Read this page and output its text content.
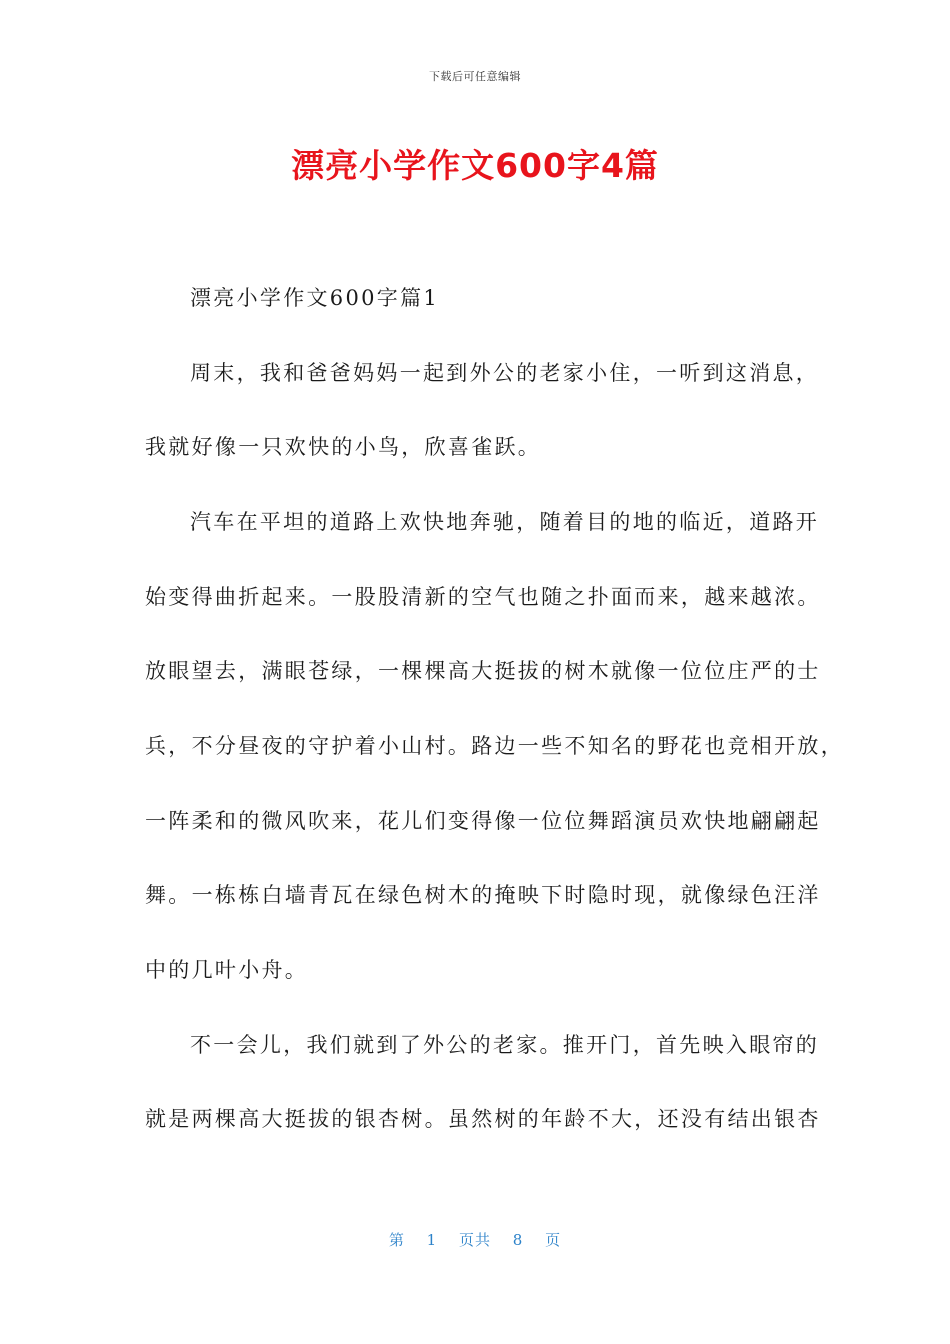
下载后可任意编辑
漂亮小学作文600字4篇
漂亮小学作文600字篇1
周末，我和爸爸妈妈一起到外公的老家小住，一听到这消息，
我就好像一只欢快的小鸟，欣喜雀跃。
汽车在平坦的道路上欢快地奔驰，随着目的地的临近，道路开
始变得曲折起来。一股股清新的空气也随之扑面而来，越来越浓。
放眼望去，满眼苍绿，一棵棵高大挺拔的树木就像一位位庄严的士
兵，不分昼夜的守护着小山村。路边一些不知名的野花也竞相开放，
一阵柔和的微风吹来，花儿们变得像一位位舞蹈演员欢快地翩翩起
舞。一栋栋白墙青瓦在绿色树木的掩映下时隐时现，就像绿色汪洋
中的几叶小舟。
不一会儿，我们就到了外公的老家。推开门，首先映入眼帘的
就是两棵高大挺拔的银杏树。虽然树的年龄不大，还没有结出银杏
第 1 页共 8 页
